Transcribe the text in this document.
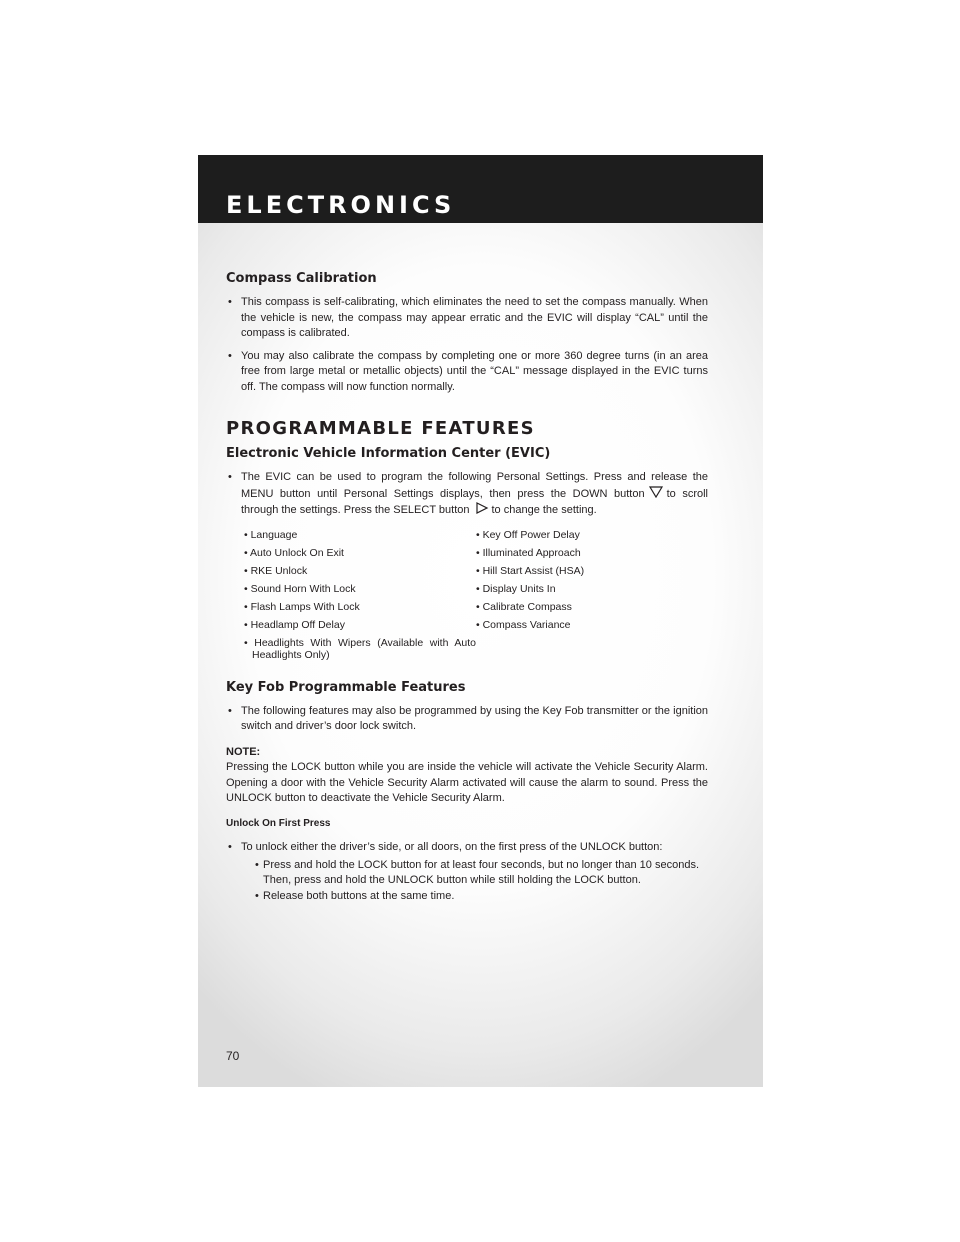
ELECTRONICS
Compass Calibration
• This compass is self-calibrating, which eliminates the need to set the compass manually. When the vehicle is new, the compass may appear erratic and the EVIC will display “CAL” until the compass is calibrated.
• You may also calibrate the compass by completing one or more 360 degree turns (in an area free from large metal or metallic objects) until the “CAL” message displayed in the EVIC turns off. The compass will now function normally.
PROGRAMMABLE FEATURES
Electronic Vehicle Information Center (EVIC)
• The EVIC can be used to program the following Personal Settings. Press and release the MENU button until Personal Settings displays, then press the DOWN button to scroll through the settings. Press the SELECT button to change the setting.
• Language
• Auto Unlock On Exit
• RKE Unlock
• Sound Horn With Lock
• Flash Lamps With Lock
• Headlamp Off Delay
• Headlights With Wipers (Available with Auto Headlights Only)
• Key Off Power Delay
• Illuminated Approach
• Hill Start Assist (HSA)
• Display Units In
• Calibrate Compass
• Compass Variance
Key Fob Programmable Features
• The following features may also be programmed by using the Key Fob transmitter or the ignition switch and driver’s door lock switch.
NOTE:

Pressing the LOCK button while you are inside the vehicle will activate the Vehicle Security Alarm. Opening a door with the Vehicle Security Alarm activated will cause the alarm to sound. Press the UNLOCK button to deactivate the Vehicle Security Alarm.

Unlock On First Press
• To unlock either the driver’s side, or all doors, on the first press of the UNLOCK button:
• Press and hold the LOCK button for at least four seconds, but no longer than 10 seconds.
Then, press and hold the UNLOCK button while still holding the LOCK button.
• Release both buttons at the same time.
70
